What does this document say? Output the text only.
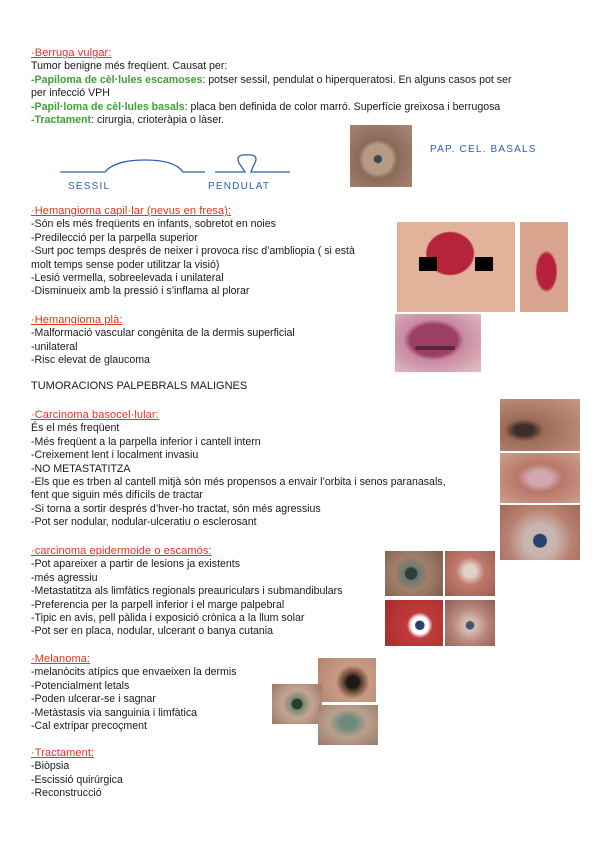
·Berruga vulgar:
Tumor benigne més freqüent. Causat per:
-Papiloma de cèl·lules escamoses: potser sessil, pendulat o hiperqueratosi. En alguns casos pot ser
per infecció VPH
-Papil·loma de cèl·lules basals: placa ben definida de color marró. Superfície greixosa i berrugosa
-Tractament: cirurgia, crioteràpia o làser.
SESSIL	PENDULAT
PAP. CEL. BASALS
·Hemangioma capil·lar (nevus en fresa):
-Són els més freqüents en infants, sobretot en noies
-Predilecció per la parpella superior
-Surt poc temps després de neixer i provoca risc d’ambliopia ( si està
molt temps sense poder utilitzar la visió)
-Lesió vermella, sobreelevada i unilateral
-Disminueix amb la pressió i s’inflama al plorar
·Hemangioma plà:
-Malformació vascular congènita de la dermis superficial
-unilateral
-Risc elevat de glaucoma
TUMORACIONS PALPEBRALS MALIGNES
·Carcinoma basocel·lular:
És el més freqüent
-Més freqüent a la parpella inferior i cantell intern
-Creixement lent i localment invasiu
-NO METASTATITZA
-Els que es trben al cantell mitjà són més propensos a envair l’orbita i senos paranasals,
fent que siguin més difícils de tractar
-Si torna a sortir després d’hver-ho tractat, són més agressius
-Pot ser nodular, nodular-ulceratiu o esclerosant
·carcinoma epidermoide o escamós:
-Pot apareixer a partir de lesions ja existents
-més agressiu
-Metastatitza als limfàtics regionals preauriculars i submandibulars
-Preferencia per la parpell inferior i el marge palpebral
-Tipic en avis, pell pàlida i exposició crònica a la llum solar
-Pot ser en placa, nodular, ulcerant o banya cutania
·Melanoma:
-melanòcits atípics que envaeixen la dermis
-Potencialment letals
-Poden ulcerar-se i sagnar
-Metàstasis via sanguinia i limfàtica
-Cal extripar precoçment
·Tractament:
-Biòpsia
-Escissió quirúrgica
-Reconstrucció
